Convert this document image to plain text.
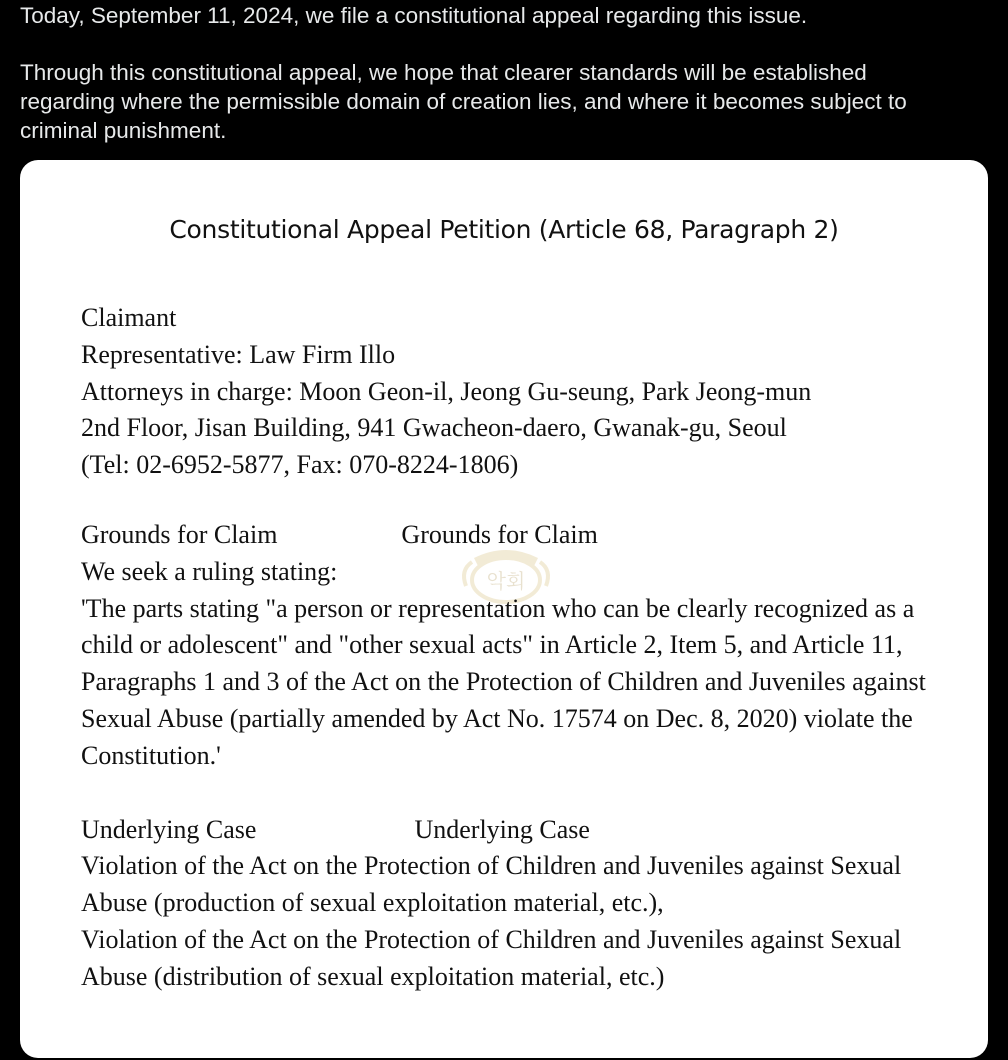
Today, September 11, 2024, we file a constitutional appeal regarding this issue.

Through this constitutional appeal, we hope that clearer standards will be established
regarding where the permissible domain of creation lies, and where it becomes subject to
criminal punishment.

Constitutional Appeal Petition (Article 68, Paragraph 2)
악회
Claimant
Representative: Law Firm Illo
Attorneys in charge: Moon Geon-il, Jeong Gu-seung, Park Jeong-mun
2nd Floor, Jisan Building, 941 Gwacheon-daero, Gwanak-gu, Seoul
(Tel: 02-6952-5877, Fax: 070-8224-1806)
Grounds for Claim	Grounds for Claim
We seek a ruling stating:
'The parts stating "a person or representation who can be clearly recognized as a
child or adolescent" and "other sexual acts" in Article 2, Item 5, and Article 11,
Paragraphs 1 and 3 of the Act on the Protection of Children and Juveniles against
Sexual Abuse (partially amended by Act No. 17574 on Dec. 8, 2020) violate the
Constitution.'
Underlying Case	Underlying Case
Violation of the Act on the Protection of Children and Juveniles against Sexual
Abuse (production of sexual exploitation material, etc.),
Violation of the Act on the Protection of Children and Juveniles against Sexual
Abuse (distribution of sexual exploitation material, etc.)
